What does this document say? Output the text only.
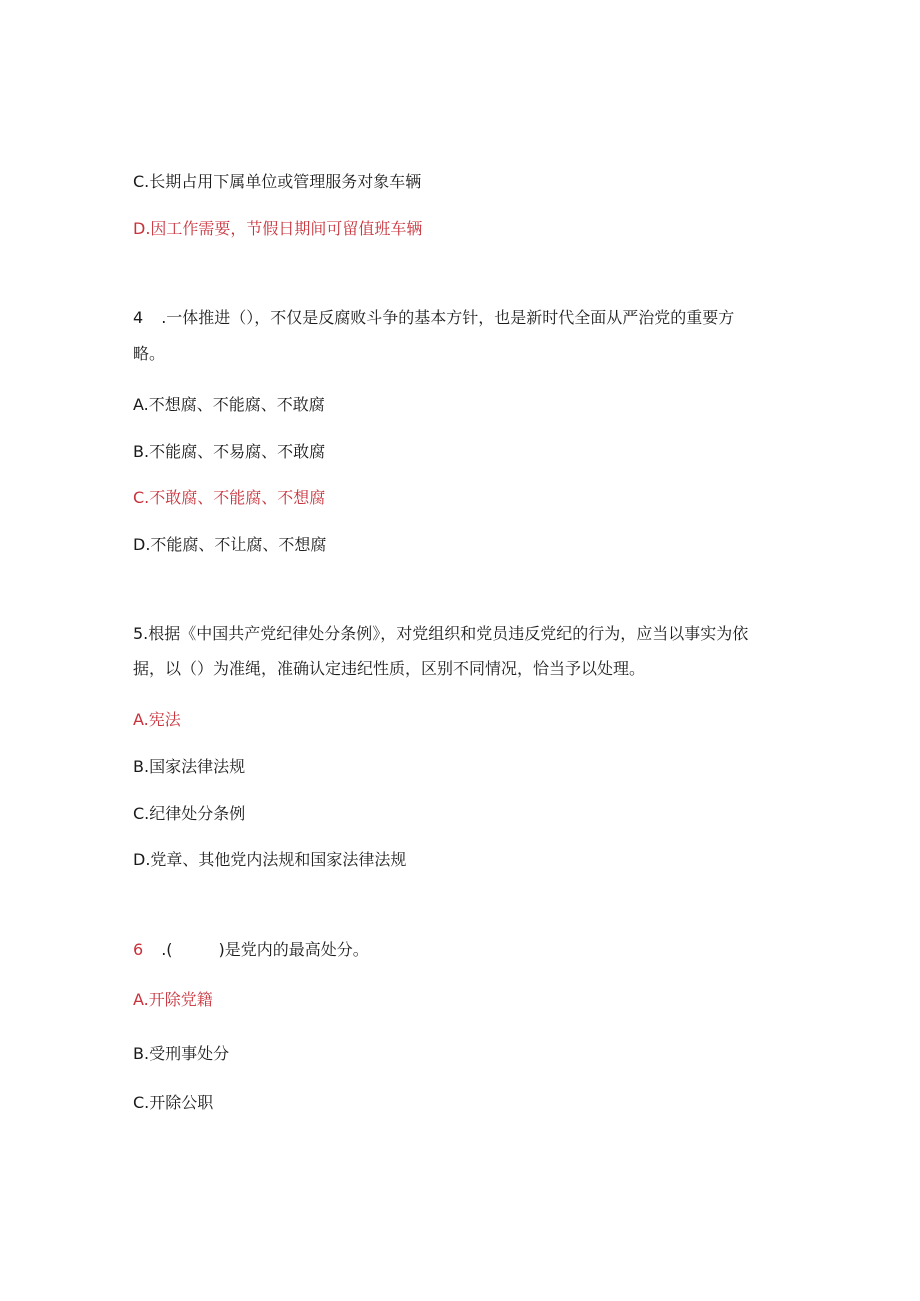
C.长期占用下属单位或管理服务对象车辆
D.因工作需要，节假日期间可留值班车辆
4 .一体推进（），不仅是反腐败斗争的基本方针，也是新时代全面从严治党的重要方
略。
A.不想腐、不能腐、不敢腐
B.不能腐、不易腐、不敢腐
C.不敢腐、不能腐、不想腐
D.不能腐、不让腐、不想腐
5.根据《中国共产党纪律处分条例》，对党组织和党员违反党纪的行为，应当以事实为依
据，以（）为准绳，准确认定违纪性质，区别不同情况，恰当予以处理。
A.宪法
B.国家法律法规
C.纪律处分条例
D.党章、其他党内法规和国家法律法规
6 .(	)是党内的最高处分。
A.开除党籍
B.受刑事处分
C.开除公职
